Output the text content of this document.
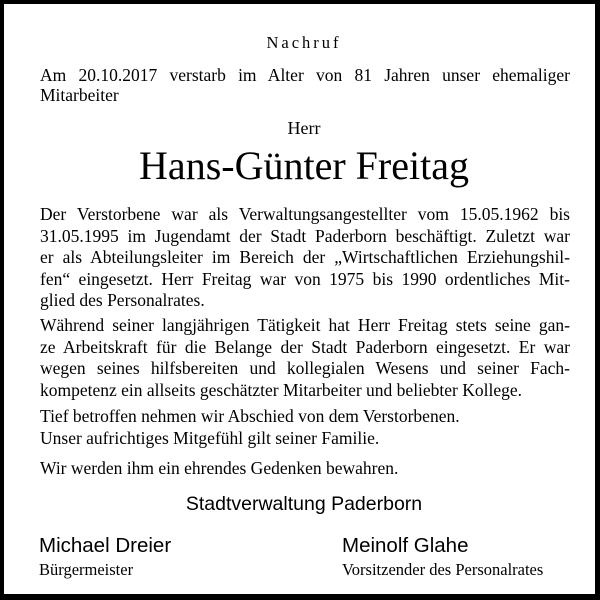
Nachruf

Am 20.10.2017 verstarb im Alter von 81 Jahren unser ehemaliger Mitarbeiter

Herr

Hans-Günter Freitag

Der Verstorbene war als Verwaltungsangestellter vom 15.05.1962 bis
31.05.1995 im Jugendamt der Stadt Paderborn beschäftigt. Zuletzt war
er als Abteilungsleiter im Bereich der „Wirtschaftlichen Erziehungshil-
fen“ eingesetzt. Herr Freitag war von 1975 bis 1990 ordentliches Mit-
glied des Personalrates.
Während seiner langjährigen Tätigkeit hat Herr Freitag stets seine gan-
ze Arbeitskraft für die Belange der Stadt Paderborn eingesetzt. Er war
wegen seines hilfsbereiten und kollegialen Wesens und seiner Fach-
kompetenz ein allseits geschätzter Mitarbeiter und beliebter Kollege.
Tief betroffen nehmen wir Abschied von dem Verstorbenen.
Unser aufrichtiges Mitgefühl gilt seiner Familie.
Wir werden ihm ein ehrendes Gedenken bewahren.

Stadtverwaltung Paderborn

Michael Dreier

Bürgermeister

Meinolf Glahe

Vorsitzender des Personalrates
